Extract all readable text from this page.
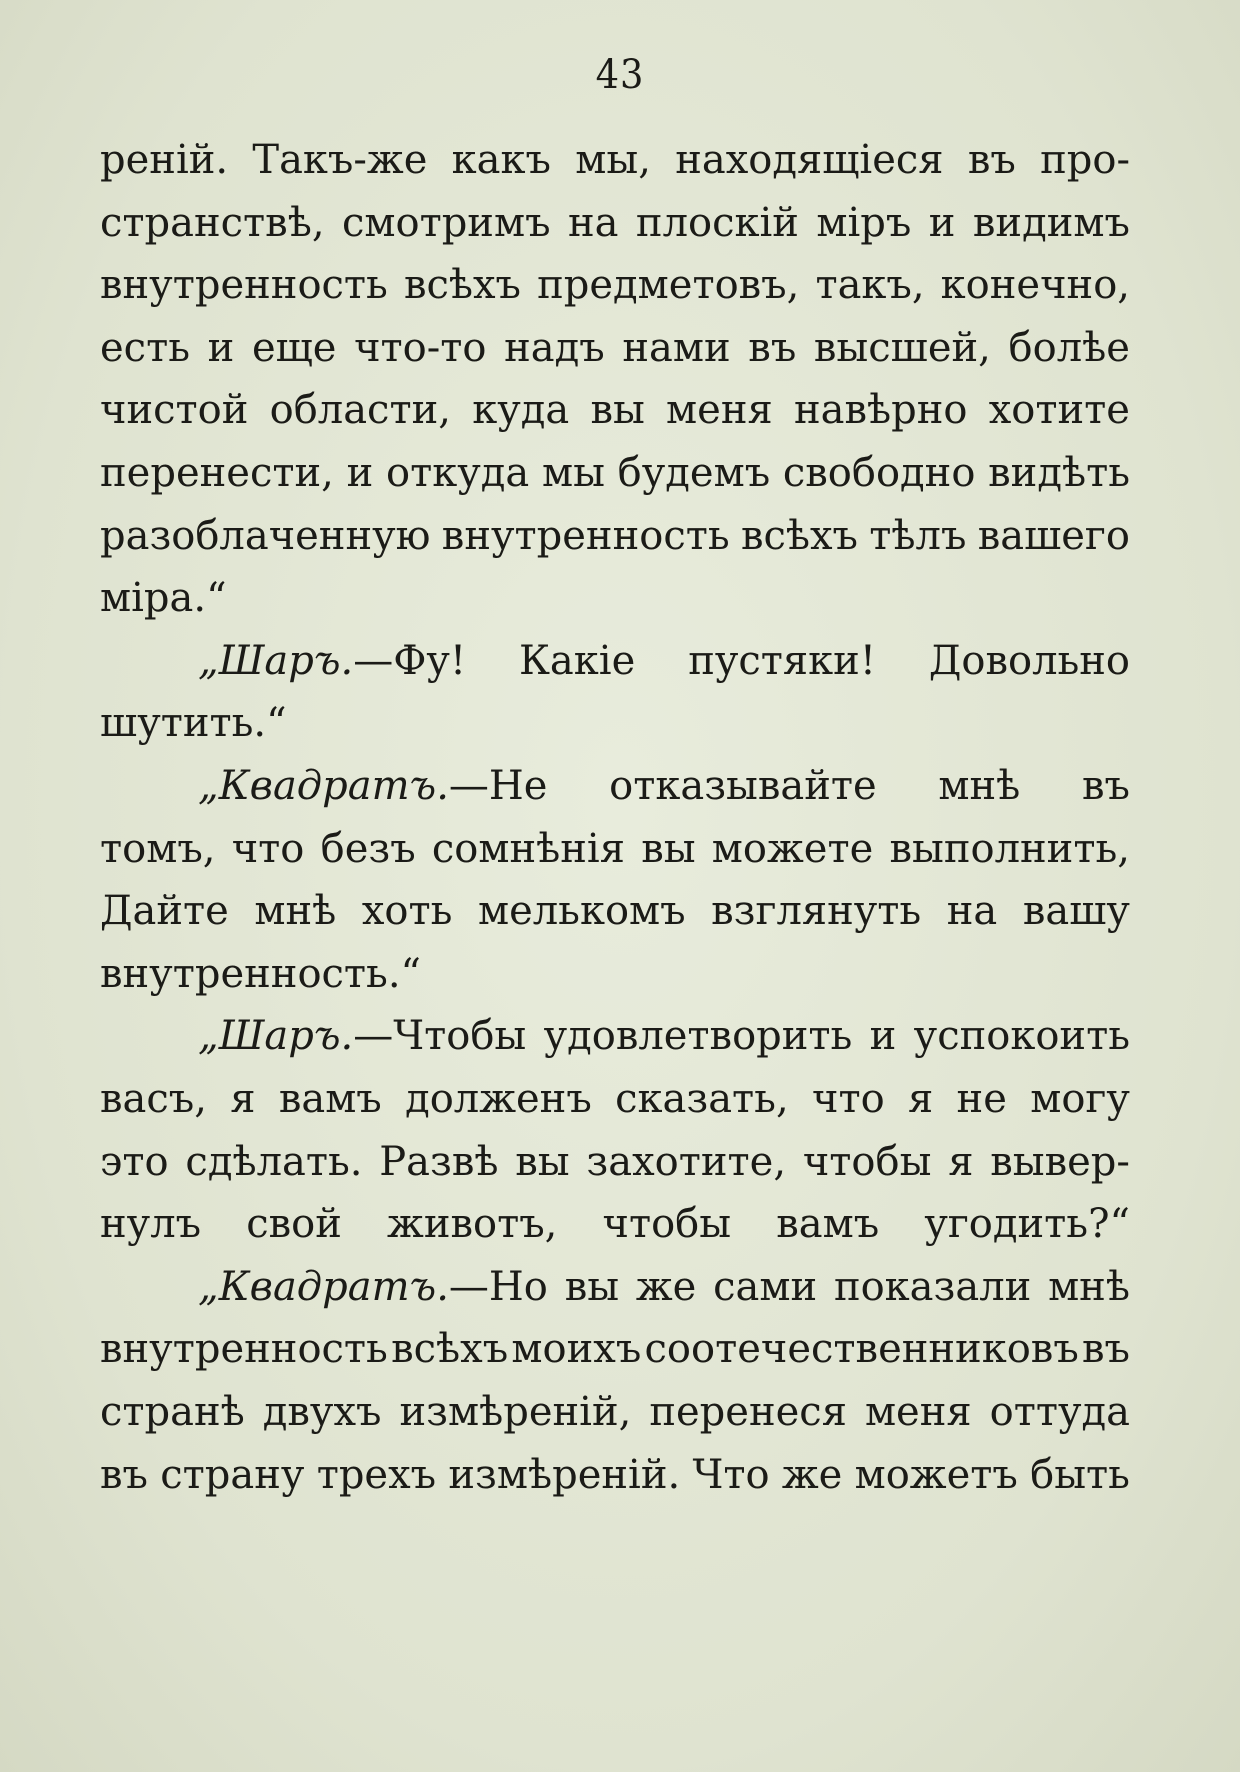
43
реній. Такъ-же какъ мы, находящіеся въ про-
странствѣ, смотримъ на плоскій міръ и видимъ
внутренность всѣхъ предметовъ, такъ, конечно,
есть и еще что-то надъ нами въ высшей, болѣе
чистой области, куда вы меня навѣрно хотите
перенести, и откуда мы будемъ свободно видѣть
разоблаченную внутренность всѣхъ тѣлъ вашего
міра.“
„Шаръ.—Фу! Какіе пустяки! Довольно
шутить.“
„Квадратъ.—Не отказывайте мнѣ въ
томъ, что безъ сомнѣнія вы можете выполнить,
Дайте мнѣ хоть мелькомъ взглянуть на вашу
внутренность.“
„Шаръ.—Чтобы удовлетворить и успокоить
васъ, я вамъ долженъ сказать, что я не могу
это сдѣлать. Развѣ вы захотите, чтобы я вывер-
нулъ свой животъ, чтобы вамъ угодить?“
„Квадратъ.—Но вы же сами показали мнѣ
внутренность всѣхъ моихъ соотечественниковъ въ
странѣ двухъ измѣреній, перенеся меня оттуда
въ страну трехъ измѣреній. Что же можетъ быть
